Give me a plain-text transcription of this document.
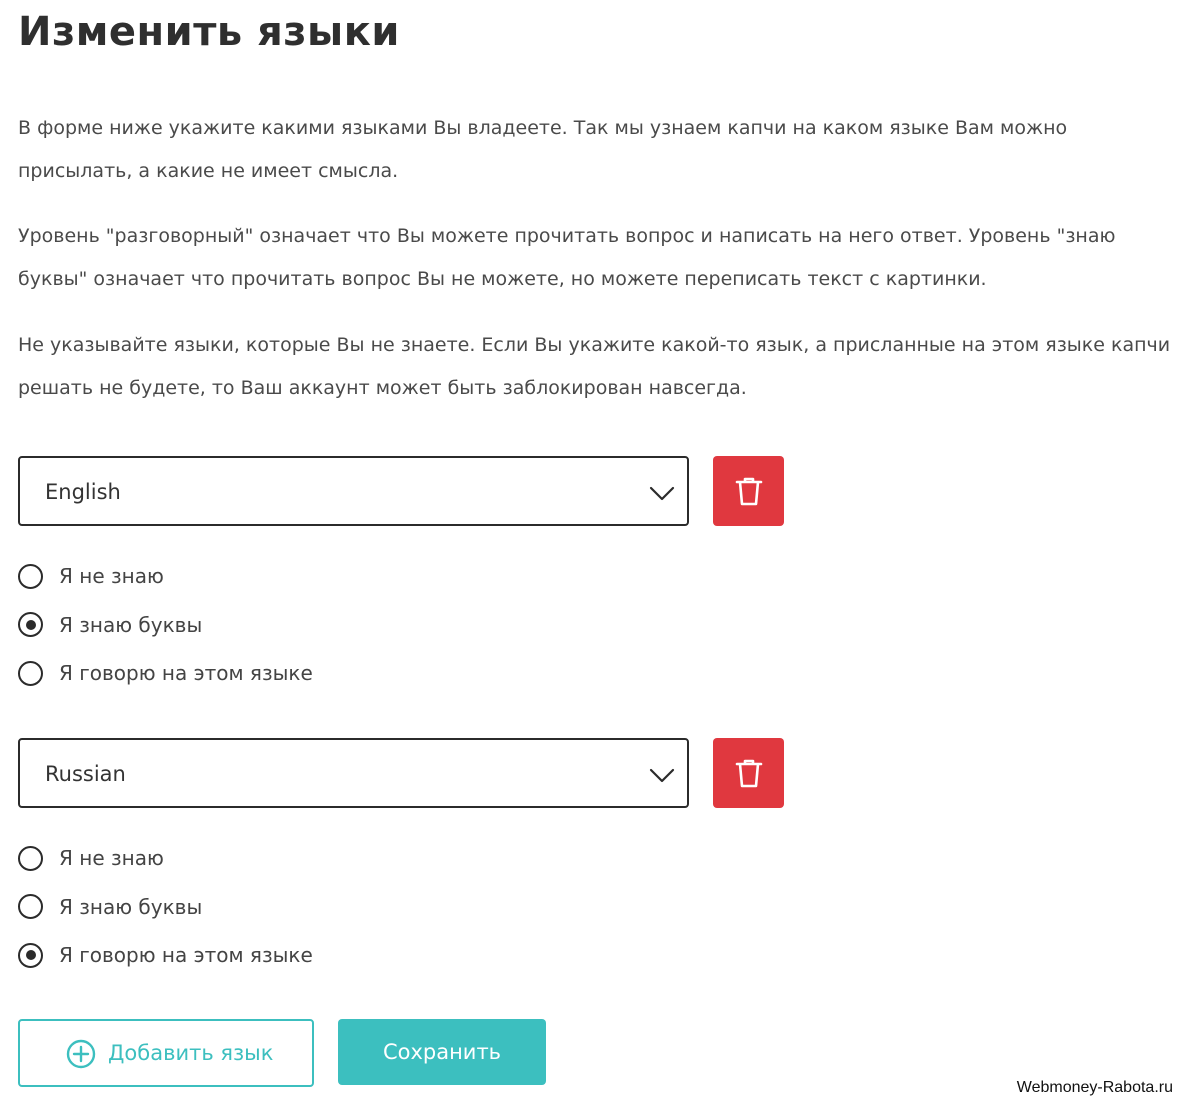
Изменить языки

В форме ниже укажите какими языками Вы владеете. Так мы узнаем капчи на каком языке Вам можно присылать, а какие не имеет смысла.

Уровень "разговорный" означает что Вы можете прочитать вопрос и написать на него ответ. Уровень "знаю буквы" означает что прочитать вопрос Вы не можете, но можете переписать текст с картинки.

Не указывайте языки, которые Вы не знаете. Если Вы укажите какой-то язык, а присланные на этом языке капчи решать не будете, то Ваш аккаунт может быть заблокирован навсегда.

English
Я не знаю
Я знаю буквы
Я говорю на этом языке
Russian
Я не знаю
Я знаю буквы
Я говорю на этом языке
Добавить язык	Сохранить
Webmoney-Rabota.ru
